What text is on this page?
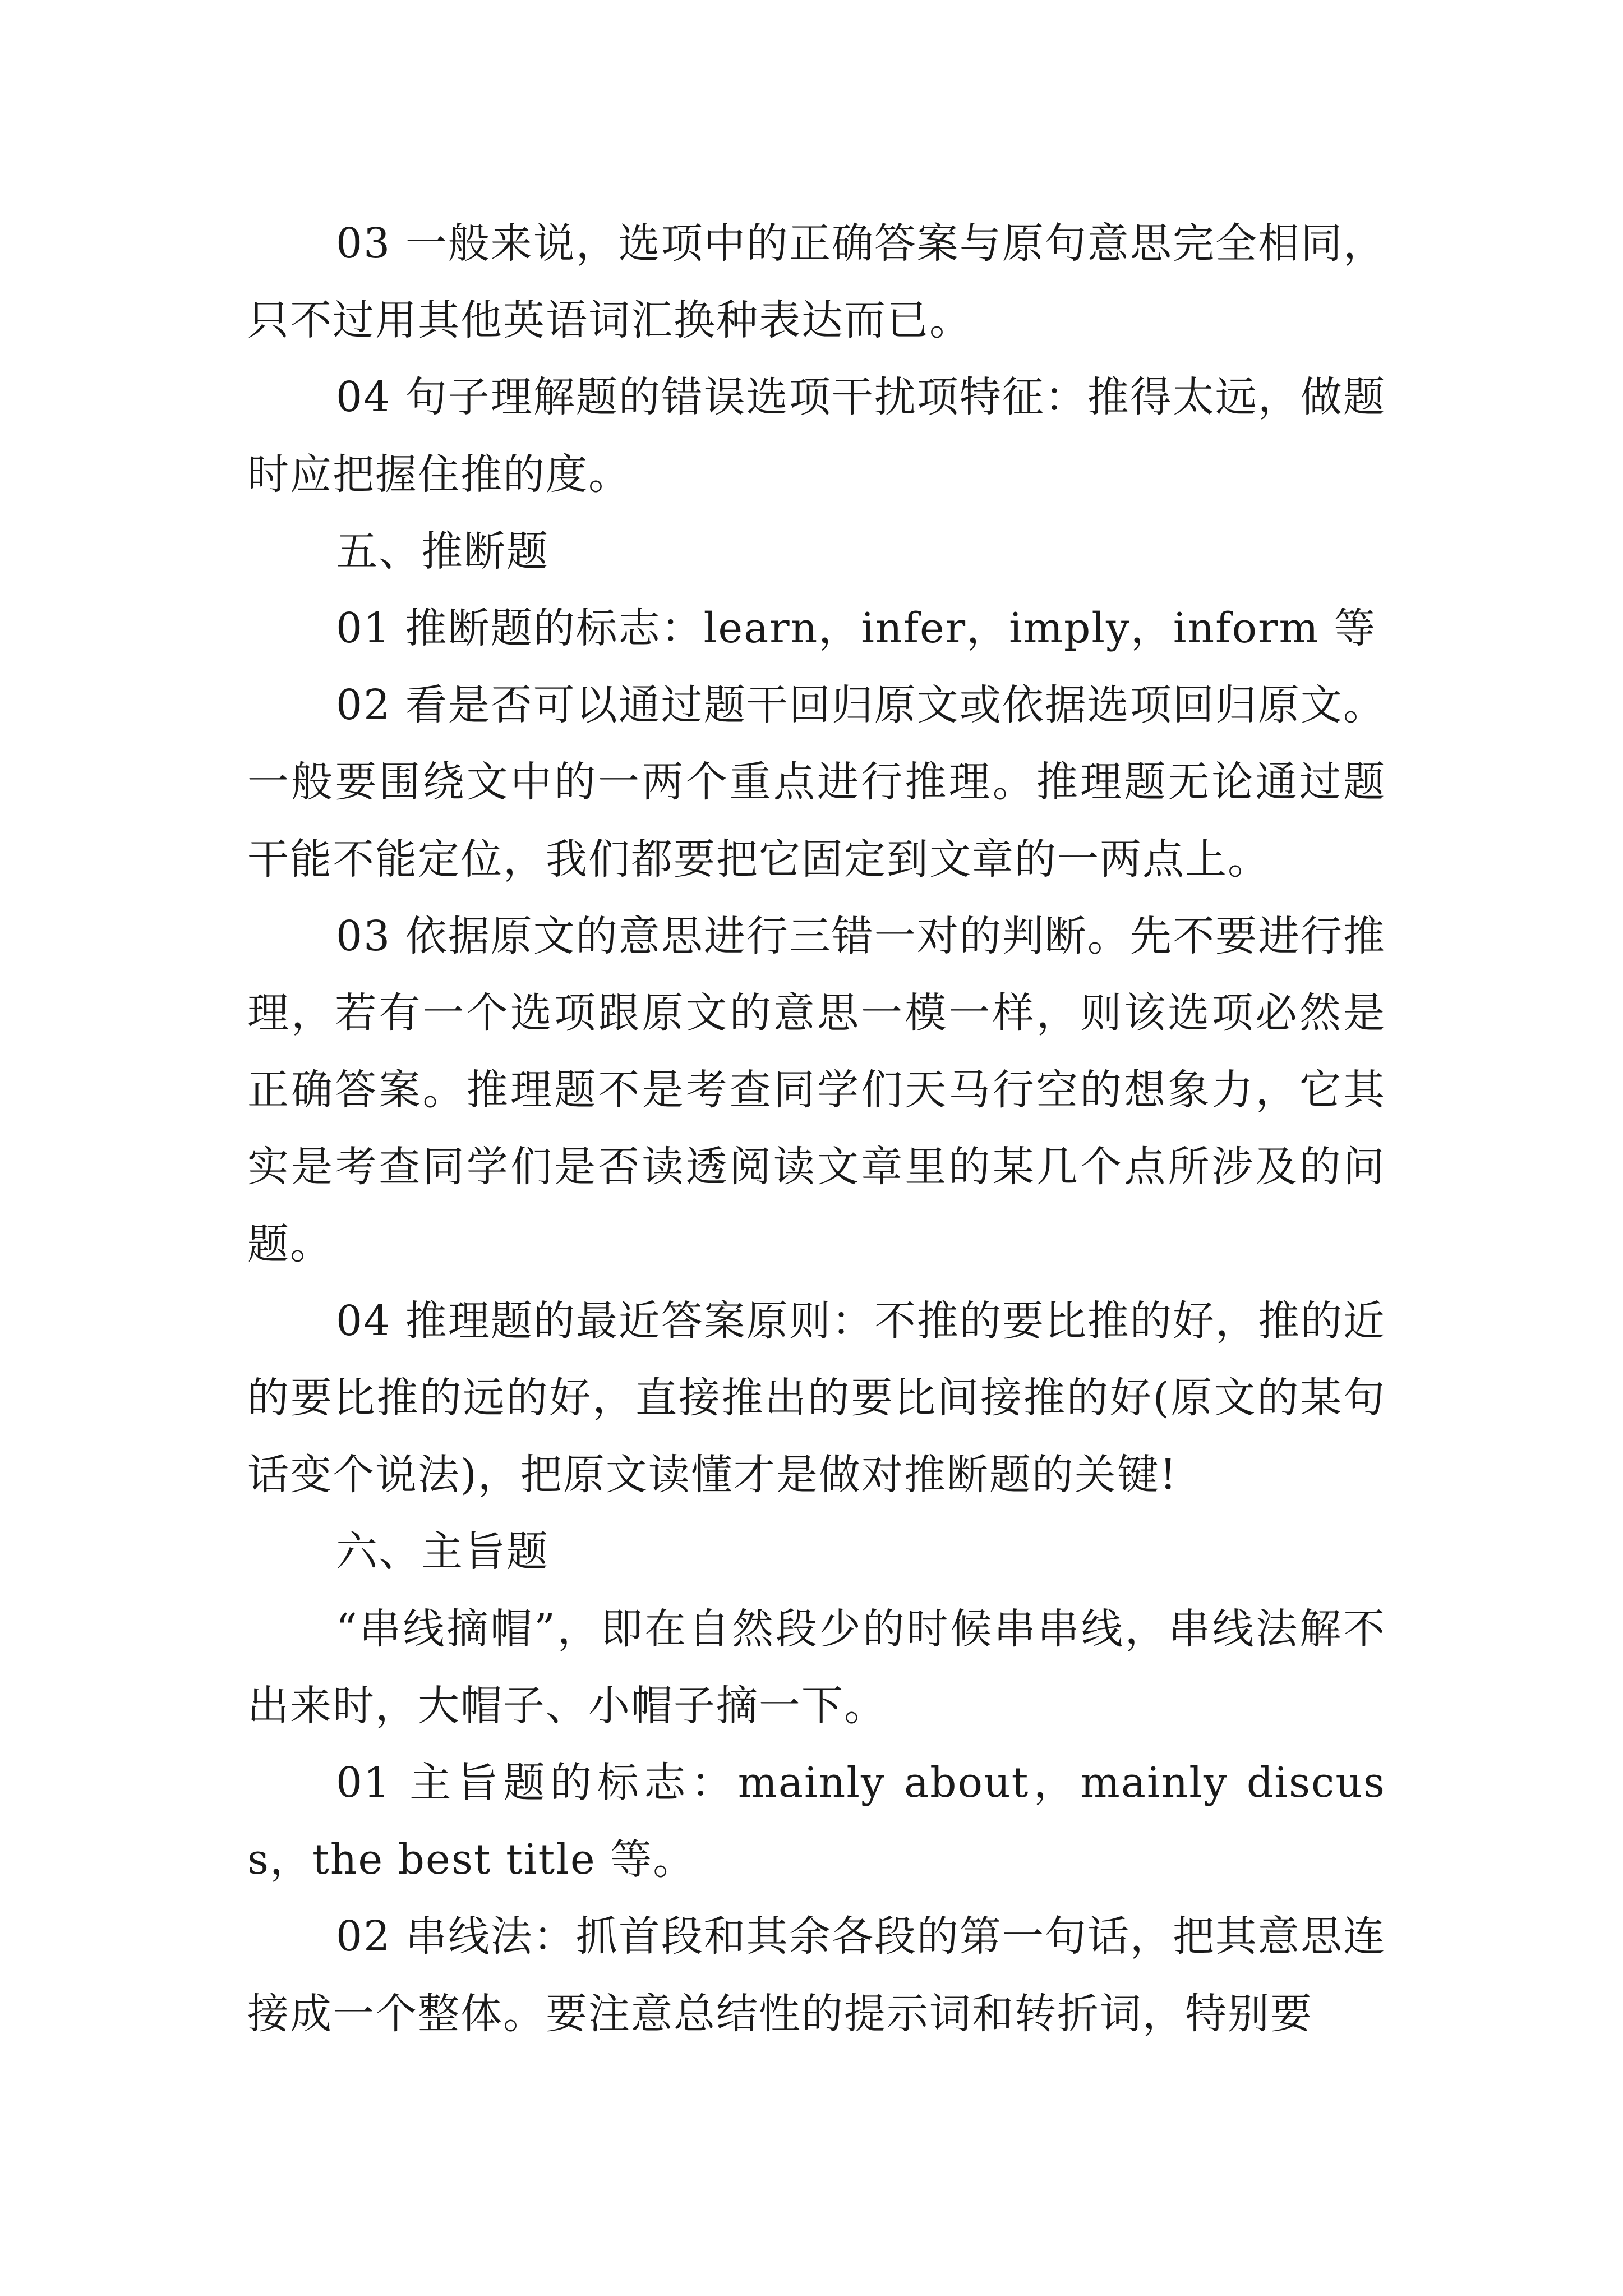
03 一般来说，选项中的正确答案与原句意思完全相同，只不过用其他英语词汇换种表达而已。

04 句子理解题的错误选项干扰项特征：推得太远，做题时应把握住推的度。

五、推断题

01 推断题的标志：learn，infer，imply，inform 等

02 看是否可以通过题干回归原文或依据选项回归原文。一般要围绕文中的一两个重点进行推理。推理题无论通过题干能不能定位，我们都要把它固定到文章的一两点上。

03 依据原文的意思进行三错一对的判断。先不要进行推理，若有一个选项跟原文的意思一模一样，则该选项必然是正确答案。推理题不是考查同学们天马行空的想象力，它其实是考查同学们是否读透阅读文章里的某几个点所涉及的问题。

04 推理题的最近答案原则：不推的要比推的好，推的近的要比推的远的好，直接推出的要比间接推的好(原文的某句话变个说法)，把原文读懂才是做对推断题的关键!

六、主旨题

“串线摘帽”，即在自然段少的时候串串线，串线法解不出来时，大帽子、小帽子摘一下。

01 主旨题的标志：mainly about，mainly discuss，the best title 等。

02 串线法：抓首段和其余各段的第一句话，把其意思连接成一个整体。要注意总结性的提示词和转折词，特别要
